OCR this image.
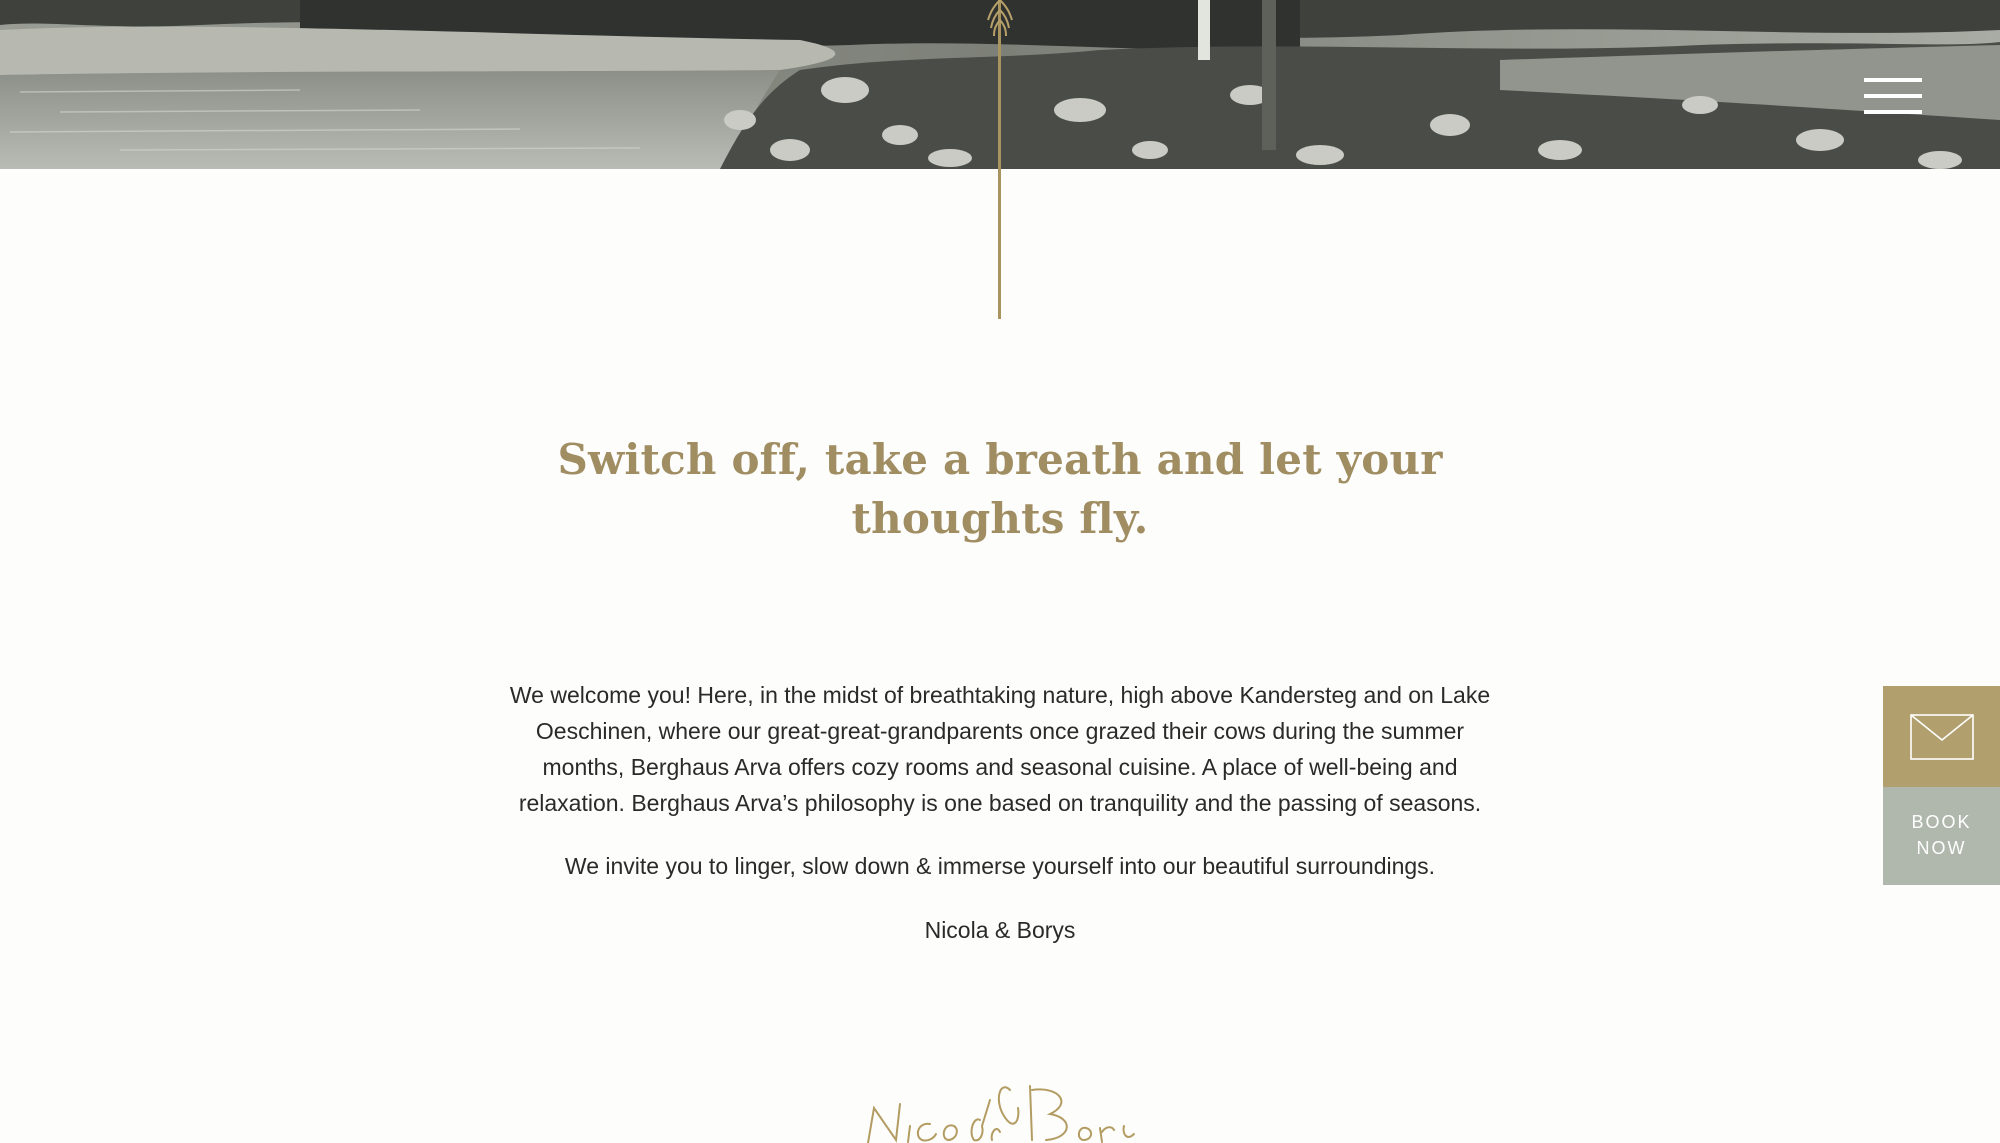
Switch off, take a breath and let your thoughts fly.

We welcome you! Here, in the midst of breathtaking nature, high above Kandersteg and on Lake Oeschinen, where our great-great-grandparents once grazed their cows during the summer months, Berghaus Arva offers cozy rooms and seasonal cuisine. A place of well-being and relaxation. Berghaus Arva’s philosophy is one based on tranquility and the passing of seasons.

We invite you to linger, slow down & immerse yourself into our beautiful surroundings.

Nicola & Borys

BOOK
NOW
